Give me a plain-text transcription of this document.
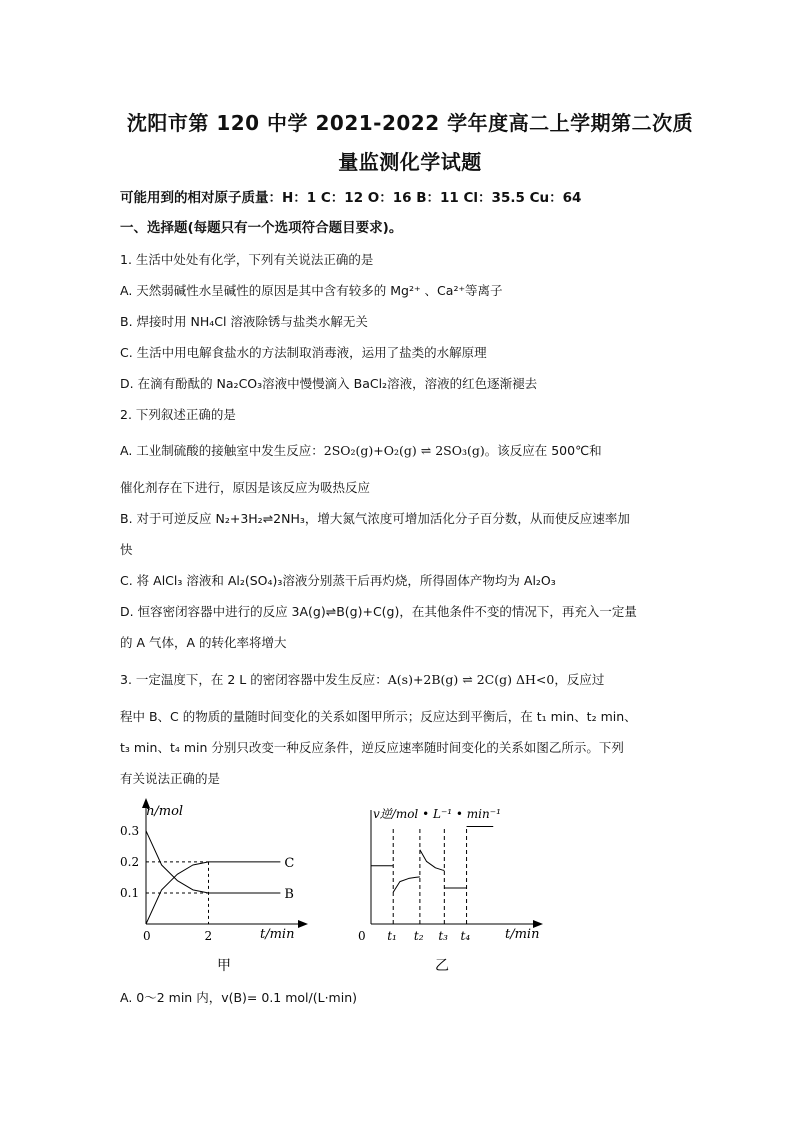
沈阳市第 120 中学 2021-2022 学年度高二上学期第二次质
量监测化学试题
可能用到的相对原子质量：H：1 C：12 O：16 B：11 Cl：35.5 Cu：64
一、选择题(每题只有一个选项符合题目要求)。
1. 生活中处处有化学，下列有关说法正确的是
A. 天然弱碱性水呈碱性的原因是其中含有较多的 Mg²⁺ 、Ca²⁺等离子
B. 焊接时用 NH₄Cl 溶液除锈与盐类水解无关
C. 生活中用电解食盐水的方法制取消毒液，运用了盐类的水解原理
D. 在滴有酚酞的 Na₂CO₃溶液中慢慢滴入 BaCl₂溶液，溶液的红色逐渐褪去
2. 下列叙述正确的是
A. 工业制硫酸的接触室中发生反应：2SO₂(g)+O₂(g) ⇌ 2SO₃(g)。该反应在 500℃和
催化剂存在下进行，原因是该反应为吸热反应
B. 对于可逆反应 N₂+3H₂⇌2NH₃，增大氮气浓度可增加活化分子百分数，从而使反应速率加
快
C. 将 AlCl₃ 溶液和 Al₂(SO₄)₃溶液分别蒸干后再灼烧，所得固体产物均为 Al₂O₃
D. 恒容密闭容器中进行的反应 3A(g)⇌B(g)+C(g)，在其他条件不变的情况下，再充入一定量
的 A 气体，A 的转化率将增大
3. 一定温度下，在 2 L 的密闭容器中发生反应：A(s)+2B(g) ⇌ 2C(g) ΔH<0，反应过
程中 B、C 的物质的量随时间变化的关系如图甲所示；反应达到平衡后，在 t₁ min、t₂ min、
t₃ min、t₄ min 分别只改变一种反应条件，逆反应速率随时间变化的关系如图乙所示。下列
有关说法正确的是
0.1
0.2
0.3
0	2
C
B
n/mol
t/min
甲
0 t₁ t₂ t₃ t₄
v逆/mol • L⁻¹ • min⁻¹
t/min
乙
A. 0～2 min 内，v(B)= 0.1 mol/(L·min)
